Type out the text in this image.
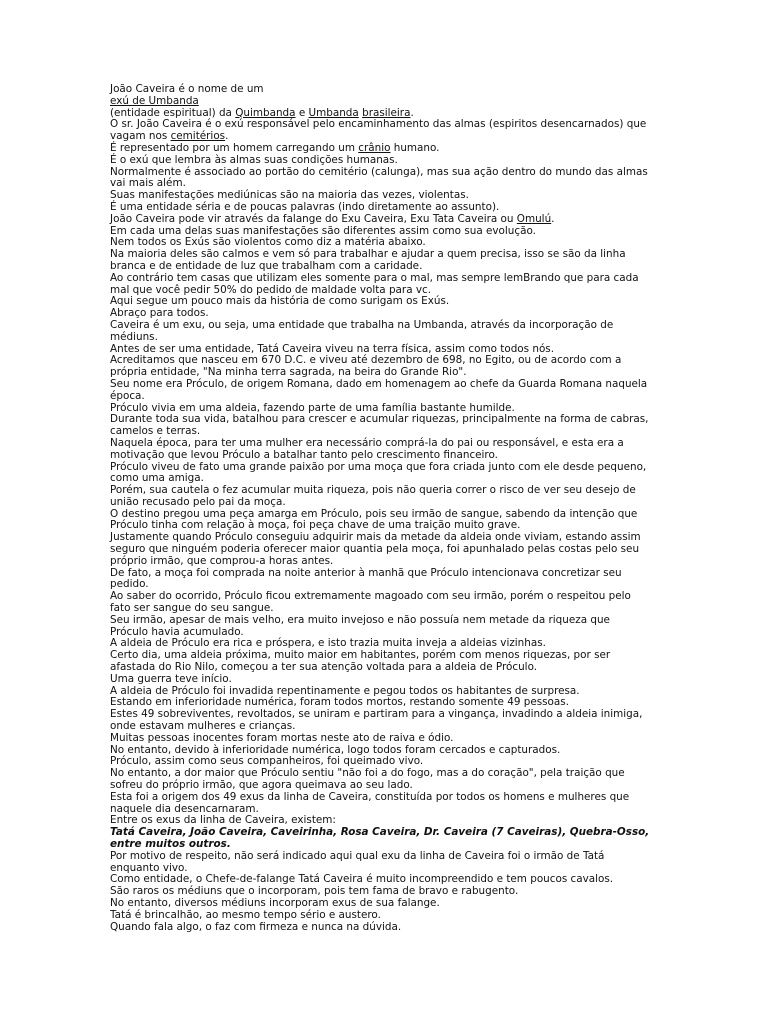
João Caveira é o nome de um
exú de Umbanda
(entidade espiritual) da Quimbanda e Umbanda brasileira.
O sr. João Caveira é o exú responsável pelo encaminhamento das almas (espiritos desencarnados) que vagam nos cemitérios.
É representado por um homem carregando um crânio humano.
É o exú que lembra às almas suas condições humanas.
Normalmente é associado ao portão do cemitério (calunga), mas sua ação dentro do mundo das almas vai mais além.
Suas manifestações mediúnicas são na maioria das vezes, violentas.
É uma entidade séria e de poucas palavras (indo diretamente ao assunto).
João Caveira pode vir através da falange do Exu Caveira, Exu Tata Caveira ou Omulú.
Em cada uma delas suas manifestações são diferentes assim como sua evolução.
Nem todos os Exús são violentos como diz a matéria abaixo.
Na maioria deles são calmos e vem só para trabalhar e ajudar a quem precisa, isso se são da linha branca e de entidade de luz que trabalham com a caridade.
Ao contrário tem casas que utilizam eles somente para o mal, mas sempre lemBrando que para cada mal que você pedir 50% do pedido de maldade volta para vc.
Aqui segue um pouco mais da história de como surigam os Exús.
Abraço para todos.
Caveira é um exu, ou seja, uma entidade que trabalha na Umbanda, através da incorporação de médiuns.
Antes de ser uma entidade, Tatá Caveira viveu na terra física, assim como todos nós.
Acreditamos que nasceu em 670 D.C. e viveu até dezembro de 698, no Egito, ou de acordo com a própria entidade, "Na minha terra sagrada, na beira do Grande Rio".
Seu nome era Próculo, de origem Romana, dado em homenagem ao chefe da Guarda Romana naquela época.
Próculo vivia em uma aldeia, fazendo parte de uma família bastante humilde.
Durante toda sua vida, batalhou para crescer e acumular riquezas, principalmente na forma de cabras, camelos e terras.
Naquela época, para ter uma mulher era necessário comprá-la do pai ou responsável, e esta era a motivação que levou Próculo a batalhar tanto pelo crescimento financeiro.
Próculo viveu de fato uma grande paixão por uma moça que fora criada junto com ele desde pequeno, como uma amiga.
Porém, sua cautela o fez acumular muita riqueza, pois não queria correr o risco de ver seu desejo de união recusado pelo pai da moça.
O destino pregou uma peça amarga em Próculo, pois seu irmão de sangue, sabendo da intenção que Próculo tinha com relação à moça, foi peça chave de uma traição muito grave.
Justamente quando Próculo conseguiu adquirir mais da metade da aldeia onde viviam, estando assim seguro que ninguém poderia oferecer maior quantia pela moça, foi apunhalado pelas costas pelo seu próprio irmão, que comprou-a horas antes.
De fato, a moça foi comprada na noite anterior à manhã que Próculo intencionava concretizar seu pedido.
Ao saber do ocorrido, Próculo ficou extremamente magoado com seu irmão, porém o respeitou pelo fato ser sangue do seu sangue.
Seu irmão, apesar de mais velho, era muito invejoso e não possuía nem metade da riqueza que Próculo havia acumulado.
A aldeia de Próculo era rica e próspera, e isto trazia muita inveja a aldeias vizinhas.
Certo dia, uma aldeia próxima, muito maior em habitantes, porém com menos riquezas, por ser afastada do Rio Nilo, começou a ter sua atenção voltada para a aldeia de Próculo.
Uma guerra teve início.
A aldeia de Próculo foi invadida repentinamente e pegou todos os habitantes de surpresa.
Estando em inferioridade numérica, foram todos mortos, restando somente 49 pessoas.
Estes 49 sobreviventes, revoltados, se uniram e partiram para a vingança, invadindo a aldeia inimiga, onde estavam mulheres e crianças.
Muitas pessoas inocentes foram mortas neste ato de raiva e ódio.
No entanto, devido à inferioridade numérica, logo todos foram cercados e capturados.
Próculo, assim como seus companheiros, foi queimado vivo.
No entanto, a dor maior que Próculo sentiu "não foi a do fogo, mas a do coração", pela traição que sofreu do próprio irmão, que agora queimava ao seu lado.
Esta foi a origem dos 49 exus da linha de Caveira, constituída por todos os homens e mulheres que naquele dia desencarnaram.
Entre os exus da linha de Caveira, existem:
Tatá Caveira, João Caveira, Caveirinha, Rosa Caveira, Dr. Caveira (7 Caveiras), Quebra-Osso, entre muitos outros.
Por motivo de respeito, não será indicado aqui qual exu da linha de Caveira foi o irmão de Tatá enquanto vivo.
Como entidade, o Chefe-de-falange Tatá Caveira é muito incompreendido e tem poucos cavalos.
São raros os médiuns que o incorporam, pois tem fama de bravo e rabugento.
No entanto, diversos médiuns incorporam exus de sua falange.
Tatá é brincalhão, ao mesmo tempo sério e austero.
Quando fala algo, o faz com firmeza e nunca na dúvida.
